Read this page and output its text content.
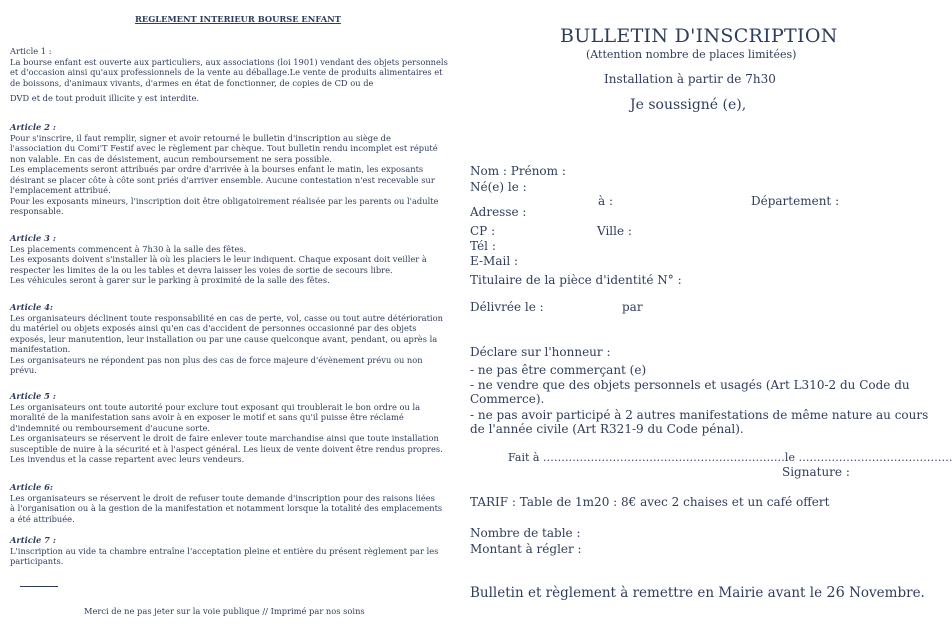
REGLEMENT INTERIEUR BOURSE ENFANT

Article 1 :

La bourse enfant est ouverte aux particuliers, aux associations (loi 1901) vendant des objets personnels

et d'occasion ainsi qu'aux professionnels de la vente au déballage.Le vente de produits alimentaires et

de boissons, d'animaux vivants, d'armes en état de fonctionner, de copies de CD ou de

DVD et de tout produit illicite y est interdite.

Article 2 :

Pour s'inscrire, il faut remplir, signer et avoir retourné le bulletin d'inscription au siège de

l'association du Comi'T Festif avec le règlement par chèque. Tout bulletin rendu incomplet est réputé

non valable. En cas de désistement, aucun remboursement ne sera possible.

Les emplacements seront attribués par ordre d'arrivée à la bourses enfant le matin, les exposants

désirant se placer côte à côte sont priés d'arriver ensemble. Aucune contestation n'est recevable sur

l'emplacement attribué.

Pour les exposants mineurs, l'inscription doit être obligatoirement réalisée par les parents ou l'adulte

responsable.

Article 3 :

Les placements commencent à 7h30 à la salle des fêtes.

Les exposants doivent s'installer là où les placiers le leur indiquent. Chaque exposant doit veiller à

respecter les limites de la ou les tables et devra laisser les voies de sortie de secours libre.

Les véhicules seront à garer sur le parking à proximité de la salle des fêtes.

Article 4:

Les organisateurs déclinent toute responsabilité en cas de perte, vol, casse ou tout autre détérioration

du matériel ou objets exposés ainsi qu'en cas d'accident de personnes occasionné par des objets

exposés, leur manutention, leur installation ou par une cause quelconque avant, pendant, ou après la

manifestation.

Les organisateurs ne répondent pas non plus des cas de force majeure d'évènement prévu ou non

prévu.

Article 5 :

Les organisateurs ont toute autorité pour exclure tout exposant qui troublerait le bon ordre ou la

moralité de la manifestation sans avoir à en exposer le motif et sans qu'il puisse être réclamé

d'indemnité ou remboursement d'aucune sorte.

Les organisateurs se réservent le droit de faire enlever toute marchandise ainsi que toute installation

susceptible de nuire à la sécurité et à l'aspect général. Les lieux de vente doivent être rendus propres.

Les invendus et la casse repartent avec leurs vendeurs.

Article 6:

Les organisateurs se réservent le droit de refuser toute demande d'inscription pour des raisons liées

à l'organisation ou à la gestion de la manifestation et notamment lorsque la totalité des emplacements

a été attribuée.

Article 7 :

L'inscription au vide ta chambre entraîne l'acceptation pleine et entière du présent règlement par les

participants.

Merci de ne pas jeter sur la voie publique // Imprimé par nos soins
BULLETIN D'INSCRIPTION
(Attention nombre de places limitées)
Installation à partir de 7h30
Je soussigné (e),
Nom : Prénom :
Né(e) le :
à :	Département :
Adresse :
CP :	Ville :
Tél :
E-Mail :
Titulaire de la pièce d'identité N° :
Délivrée le :	par
Déclare sur l'honneur :
- ne pas être commerçant (e)
- ne vendre que des objets personnels et usagés (Art L310-2 du Code du
Commerce).
- ne pas avoir participé à 2 autres manifestations de même nature au cours
de l'année civile (Art R321-9 du Code pénal).
Fait à …………………………………………………………le ……………………………………
Signature :
TARIF : Table de 1m20 : 8€ avec 2 chaises et un café offert
Nombre de table :
Montant à régler :
Bulletin et règlement à remettre en Mairie avant le 26 Novembre.
